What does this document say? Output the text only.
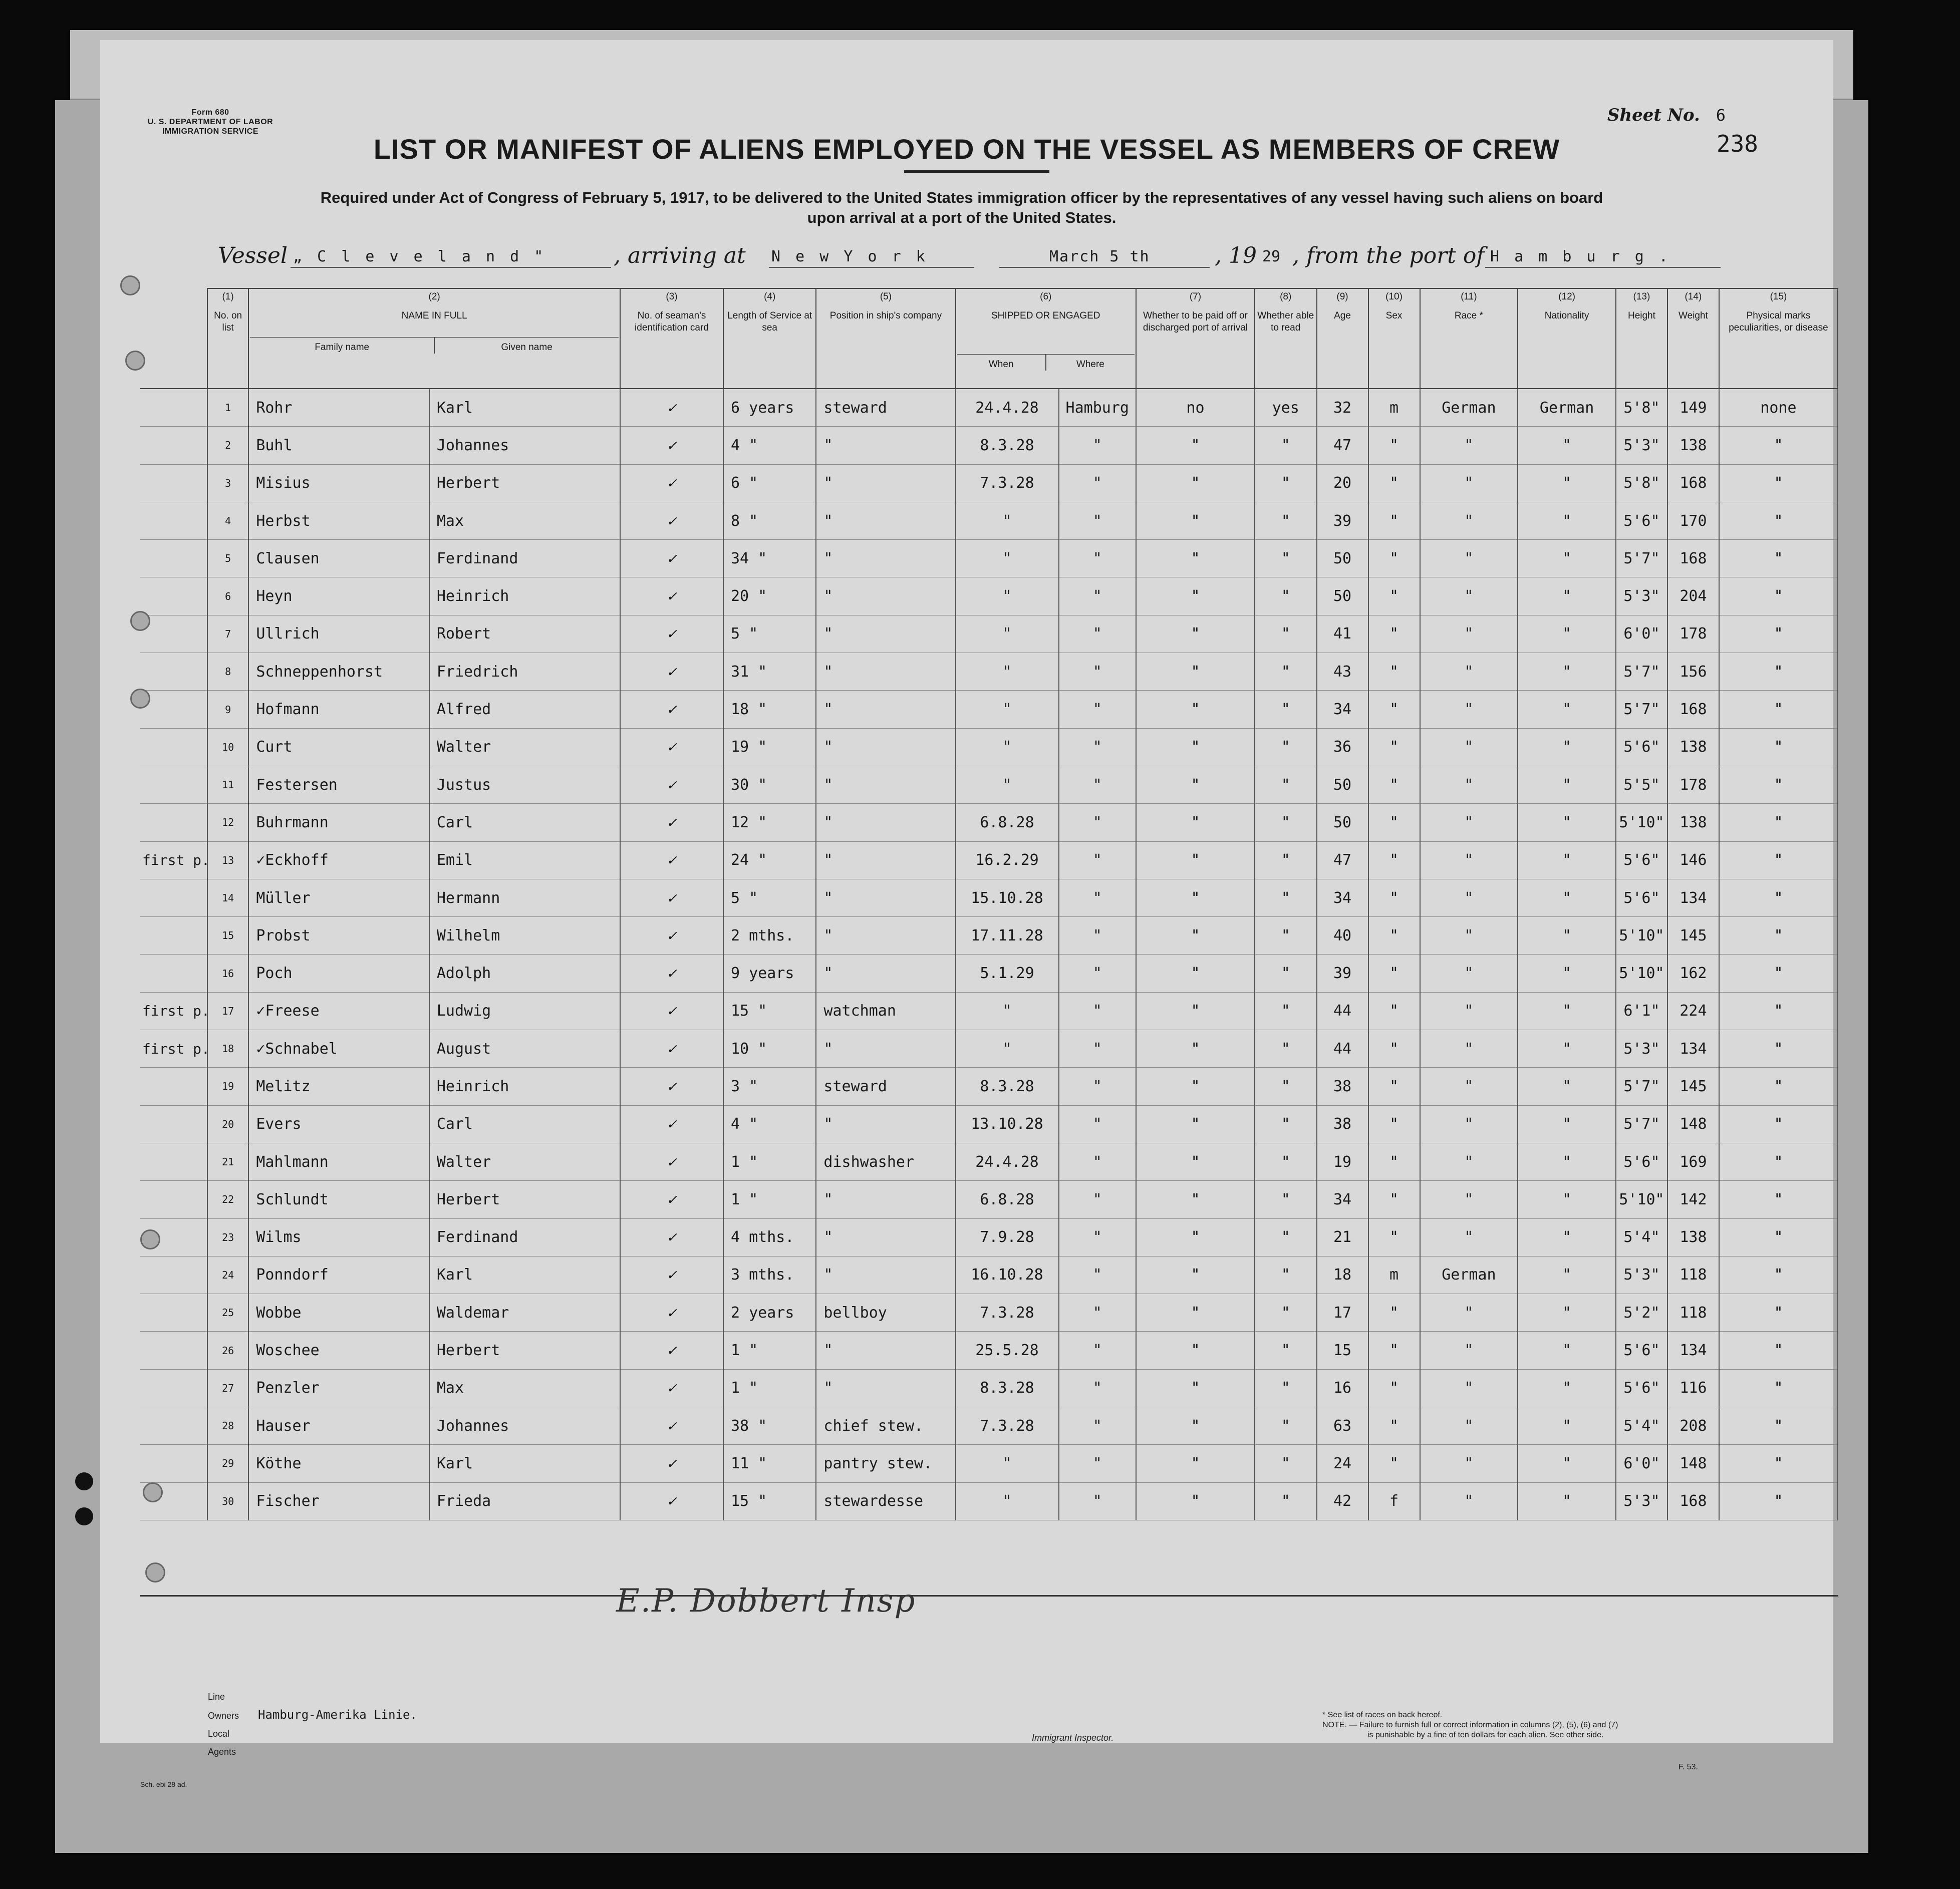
Form 680
U. S. DEPARTMENT OF LABOR
IMMIGRATION SERVICE
Sheet No. 6
238
LIST OR MANIFEST OF ALIENS EMPLOYED ON THE VESSEL AS MEMBERS OF CREW
Required under Act of Congress of February 5, 1917, to be delivered to the United States immigration officer by the representatives of any vessel having such aliens on board
upon arrival at a port of the United States.
Vessel „ C l e v e l a n d "	, arriving at N e w Y o r k	March 5 th	, 19 29 , from the port of H a m b u r g .

	(1)
No. on list	(2)
NAME IN FULL
Family name Given name		(3)
No. of seaman's identification card	(4)
Length of Service at sea	(5)
Position in ship's company	(6)
SHIPPED OR ENGAGED
When Where		(7)
Whether to be paid off or discharged port of arrival	(8)
Whether able to read	(9)
Age	(10)
Sex	(11)
Race *	(12)
Nationality	(13)
Height	(14)
Weight	(15)
Physical marks peculiarities, or disease
	1	Rohr	Karl	✓	6 years	steward	24.4.28	Hamburg	no	yes	32	m	German	German	5'8"	149	none
	2	Buhl	Johannes	✓	4 "	"	8.3.28	"	"	"	47	"	"	"	5'3"	138	"
	3	Misius	Herbert	✓	6 "	"	7.3.28	"	"	"	20	"	"	"	5'8"	168	"
	4	Herbst	Max	✓	8 "	"	"	"	"	"	39	"	"	"	5'6"	170	"
	5	Clausen	Ferdinand	✓	34 "	"	"	"	"	"	50	"	"	"	5'7"	168	"
	6	Heyn	Heinrich	✓	20 "	"	"	"	"	"	50	"	"	"	5'3"	204	"
	7	Ullrich	Robert	✓	5 "	"	"	"	"	"	41	"	"	"	6'0"	178	"
	8	Schneppenhorst	Friedrich	✓	31 "	"	"	"	"	"	43	"	"	"	5'7"	156	"
	9	Hofmann	Alfred	✓	18 "	"	"	"	"	"	34	"	"	"	5'7"	168	"
	10	Curt	Walter	✓	19 "	"	"	"	"	"	36	"	"	"	5'6"	138	"
	11	Festersen	Justus	✓	30 "	"	"	"	"	"	50	"	"	"	5'5"	178	"
	12	Buhrmann	Carl	✓	12 "	"	6.8.28	"	"	"	50	"	"	"	5'10"	138	"
first p.	13	✓Eckhoff	Emil	✓	24 "	"	16.2.29	"	"	"	47	"	"	"	5'6"	146	"
	14	Müller	Hermann	✓	5 "	"	15.10.28	"	"	"	34	"	"	"	5'6"	134	"
	15	Probst	Wilhelm	✓	2 mths.	"	17.11.28	"	"	"	40	"	"	"	5'10"	145	"
	16	Poch	Adolph	✓	9 years	"	5.1.29	"	"	"	39	"	"	"	5'10"	162	"
first p.	17	✓Freese	Ludwig	✓	15 "	watchman	"	"	"	"	44	"	"	"	6'1"	224	"
first p.	18	✓Schnabel	August	✓	10 "	"	"	"	"	"	44	"	"	"	5'3"	134	"
	19	Melitz	Heinrich	✓	3 "	steward	8.3.28	"	"	"	38	"	"	"	5'7"	145	"
	20	Evers	Carl	✓	4 "	"	13.10.28	"	"	"	38	"	"	"	5'7"	148	"
	21	Mahlmann	Walter	✓	1 "	dishwasher	24.4.28	"	"	"	19	"	"	"	5'6"	169	"
	22	Schlundt	Herbert	✓	1 "	"	6.8.28	"	"	"	34	"	"	"	5'10"	142	"
	23	Wilms	Ferdinand	✓	4 mths.	"	7.9.28	"	"	"	21	"	"	"	5'4"	138	"
	24	Ponndorf	Karl	✓	3 mths.	"	16.10.28	"	"	"	18	m	German	"	5'3"	118	"
	25	Wobbe	Waldemar	✓	2 years	bellboy	7.3.28	"	"	"	17	"	"	"	5'2"	118	"
	26	Woschee	Herbert	✓	1 "	"	25.5.28	"	"	"	15	"	"	"	5'6"	134	"
	27	Penzler	Max	✓	1 "	"	8.3.28	"	"	"	16	"	"	"	5'6"	116	"
	28	Hauser	Johannes	✓	38 "	chief stew.	7.3.28	"	"	"	63	"	"	"	5'4"	208	"
	29	Köthe	Karl	✓	11 "	pantry stew.	"	"	"	"	24	"	"	"	6'0"	148	"
	30	Fischer	Frieda	✓	15 "	stewardesse	"	"	"	"	42	f	"	"	5'3"	168	"
E.P. Dobbert Insp
Line
Owners	Hamburg-Amerika Linie.
Local Agents
Immigrant Inspector.
* See list of races on back hereof.
NOTE. — Failure to furnish full or correct information in columns (2), (5), (6) and (7)
is punishable by a fine of ten dollars for each alien. See other side.
F. 53.
Sch. ebi 28 ad.
